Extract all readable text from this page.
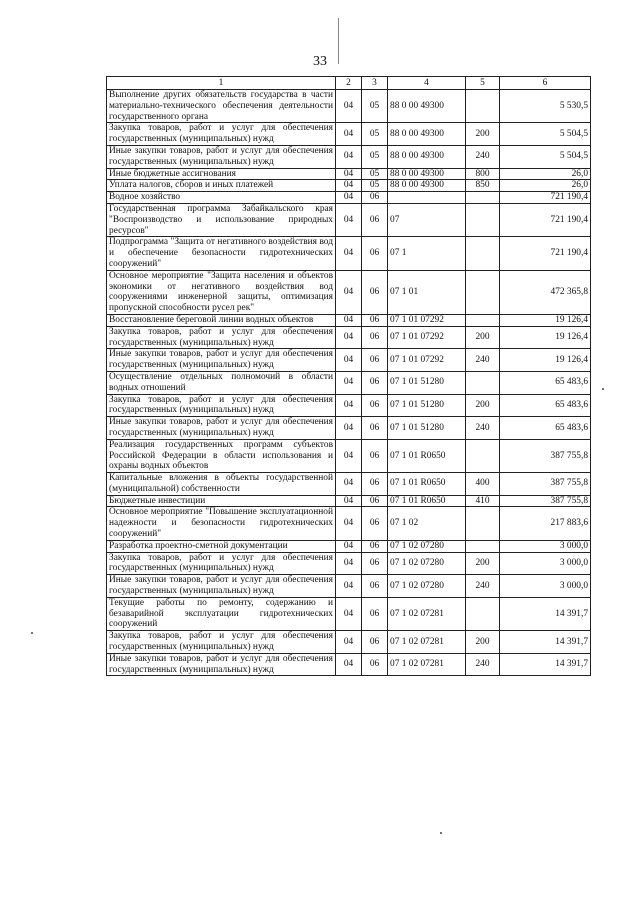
33
1	2	3	4	5	6
Выполнение других обязательств государства в части материально-технического обеспечения деятельности государственного органа	04	05	88 0 00 49300		5 530,5
Закупка товаров, работ и услуг для обеспечения государственных (муниципальных) нужд	04	05	88 0 00 49300	200	5 504,5
Иные закупки товаров, работ и услуг для обеспечения государственных (муниципальных) нужд	04	05	88 0 00 49300	240	5 504,5
Иные бюджетные ассигнования	04	05	88 0 00 49300	800	26,0
Уплата налогов, сборов и иных платежей	04	05	88 0 00 49300	850	26,0
Водное хозяйство	04	06			721 190,4
Государственная программа Забайкальского края "Воспроизводство и использование природных ресурсов"	04	06	07		721 190,4
Подпрограмма "Защита от негативного воздействия вод и обеспечение безопасности гидротехнических сооружений"	04	06	07 1		721 190,4
Основное мероприятие "Защита населения и объектов экономики от негативного воздействия вод сооружениями инженерной защиты, оптимизация пропускной способности русел рек"	04	06	07 1 01		472 365,8
Восстановление береговой линии водных объектов	04	06	07 1 01 07292		19 126,4
Закупка товаров, работ и услуг для обеспечения государственных (муниципальных) нужд	04	06	07 1 01 07292	200	19 126,4
Иные закупки товаров, работ и услуг для обеспечения государственных (муниципальных) нужд	04	06	07 1 01 07292	240	19 126,4
Осуществление отдельных полномочий в области водных отношений	04	06	07 1 01 51280		65 483,6
Закупка товаров, работ и услуг для обеспечения государственных (муниципальных) нужд	04	06	07 1 01 51280	200	65 483,6
Иные закупки товаров, работ и услуг для обеспечения государственных (муниципальных) нужд	04	06	07 1 01 51280	240	65 483,6
Реализация государственных программ субъектов Российской Федерации в области использования и охраны водных объектов	04	06	07 1 01 R0650		387 755,8
Капитальные вложения в объекты государственной (муниципальной) собственности	04	06	07 1 01 R0650	400	387 755,8
Бюджетные инвестиции	04	06	07 1 01 R0650	410	387 755,8
Основное мероприятие "Повышение эксплуатационной надежности и безопасности гидротехнических сооружений"	04	06	07 1 02		217 883,6
Разработка проектно-сметной документации	04	06	07 1 02 07280		3 000,0
Закупка товаров, работ и услуг для обеспечения государственных (муниципальных) нужд	04	06	07 1 02 07280	200	3 000,0
Иные закупки товаров, работ и услуг для обеспечения государственных (муниципальных) нужд	04	06	07 1 02 07280	240	3 000,0
Текущие работы по ремонту, содержанию и безаварийной эксплуатации гидротехнических сооружений	04	06	07 1 02 07281		14 391,7
Закупка товаров, работ и услуг для обеспечения государственных (муниципальных) нужд	04	06	07 1 02 07281	200	14 391,7
Иные закупки товаров, работ и услуг для обеспечения государственных (муниципальных) нужд	04	06	07 1 02 07281	240	14 391,7
